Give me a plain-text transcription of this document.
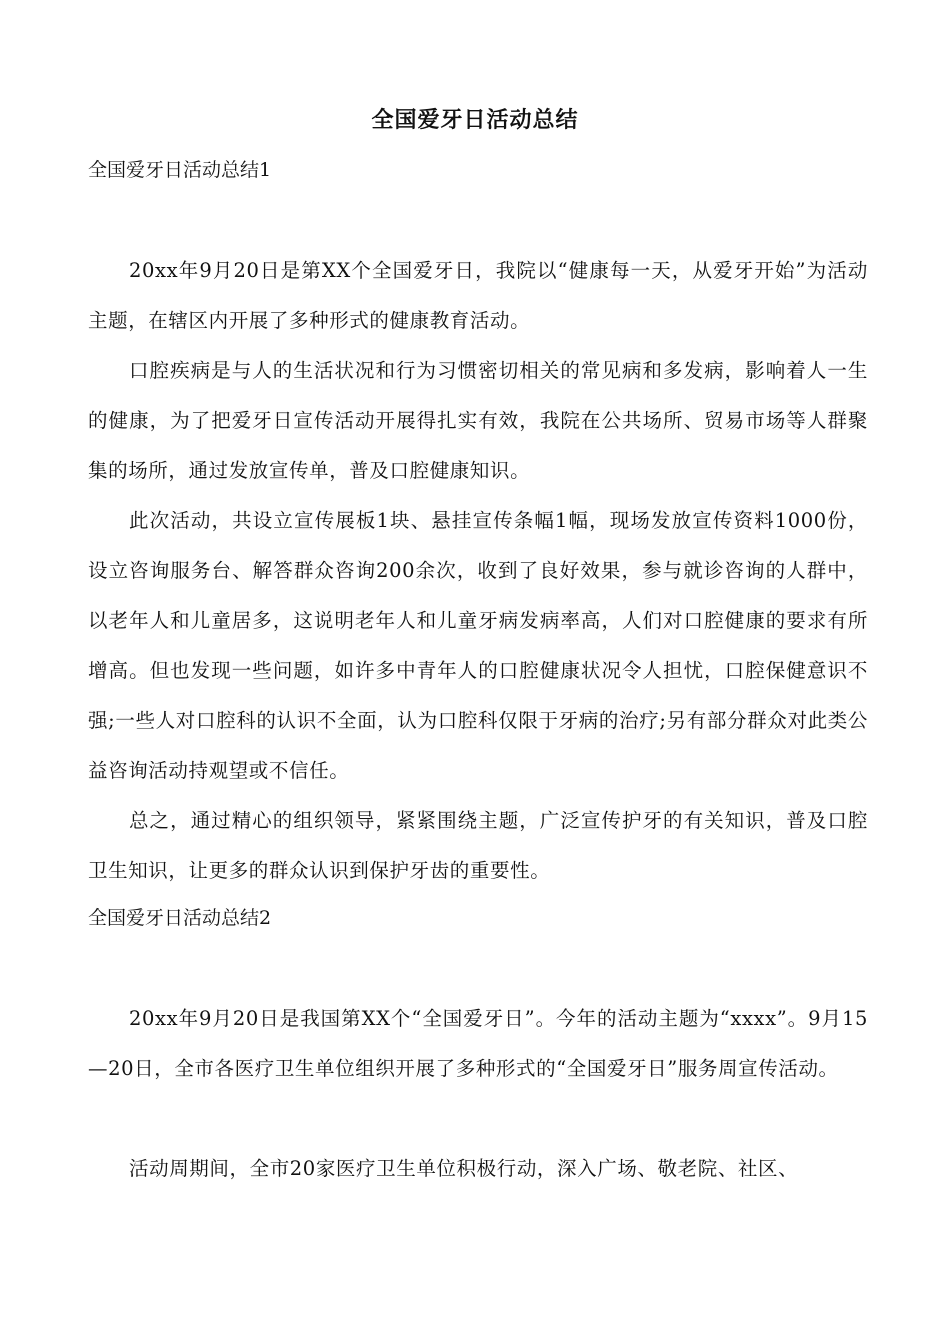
全国爱牙日活动总结
全国爱牙日活动总结1

20xx年9月20日是第XX个全国爱牙日，我院以“健康每一天，从爱牙开始”为活动主题，在辖区内开展了多种形式的健康教育活动。

口腔疾病是与人的生活状况和行为习惯密切相关的常见病和多发病，影响着人一生的健康，为了把爱牙日宣传活动开展得扎实有效，我院在公共场所、贸易市场等人群聚集的场所，通过发放宣传单，普及口腔健康知识。

此次活动，共设立宣传展板1块、悬挂宣传条幅1幅，现场发放宣传资料1000份，设立咨询服务台、解答群众咨询200余次，收到了良好效果，参与就诊咨询的人群中，以老年人和儿童居多，这说明老年人和儿童牙病发病率高，人们对口腔健康的要求有所增高。但也发现一些问题，如许多中青年人的口腔健康状况令人担忧，口腔保健意识不强;一些人对口腔科的认识不全面，认为口腔科仅限于牙病的治疗;另有部分群众对此类公益咨询活动持观望或不信任。

总之，通过精心的组织领导，紧紧围绕主题，广泛宣传护牙的有关知识，普及口腔卫生知识，让更多的群众认识到保护牙齿的重要性。

全国爱牙日活动总结2

20xx年9月20日是我国第XX个“全国爱牙日”。今年的活动主题为“xxxx”。9月15—20日，全市各医疗卫生单位组织开展了多种形式的“全国爱牙日”服务周宣传活动。

活动周期间，全市20家医疗卫生单位积极行动，深入广场、敬老院、社区、
